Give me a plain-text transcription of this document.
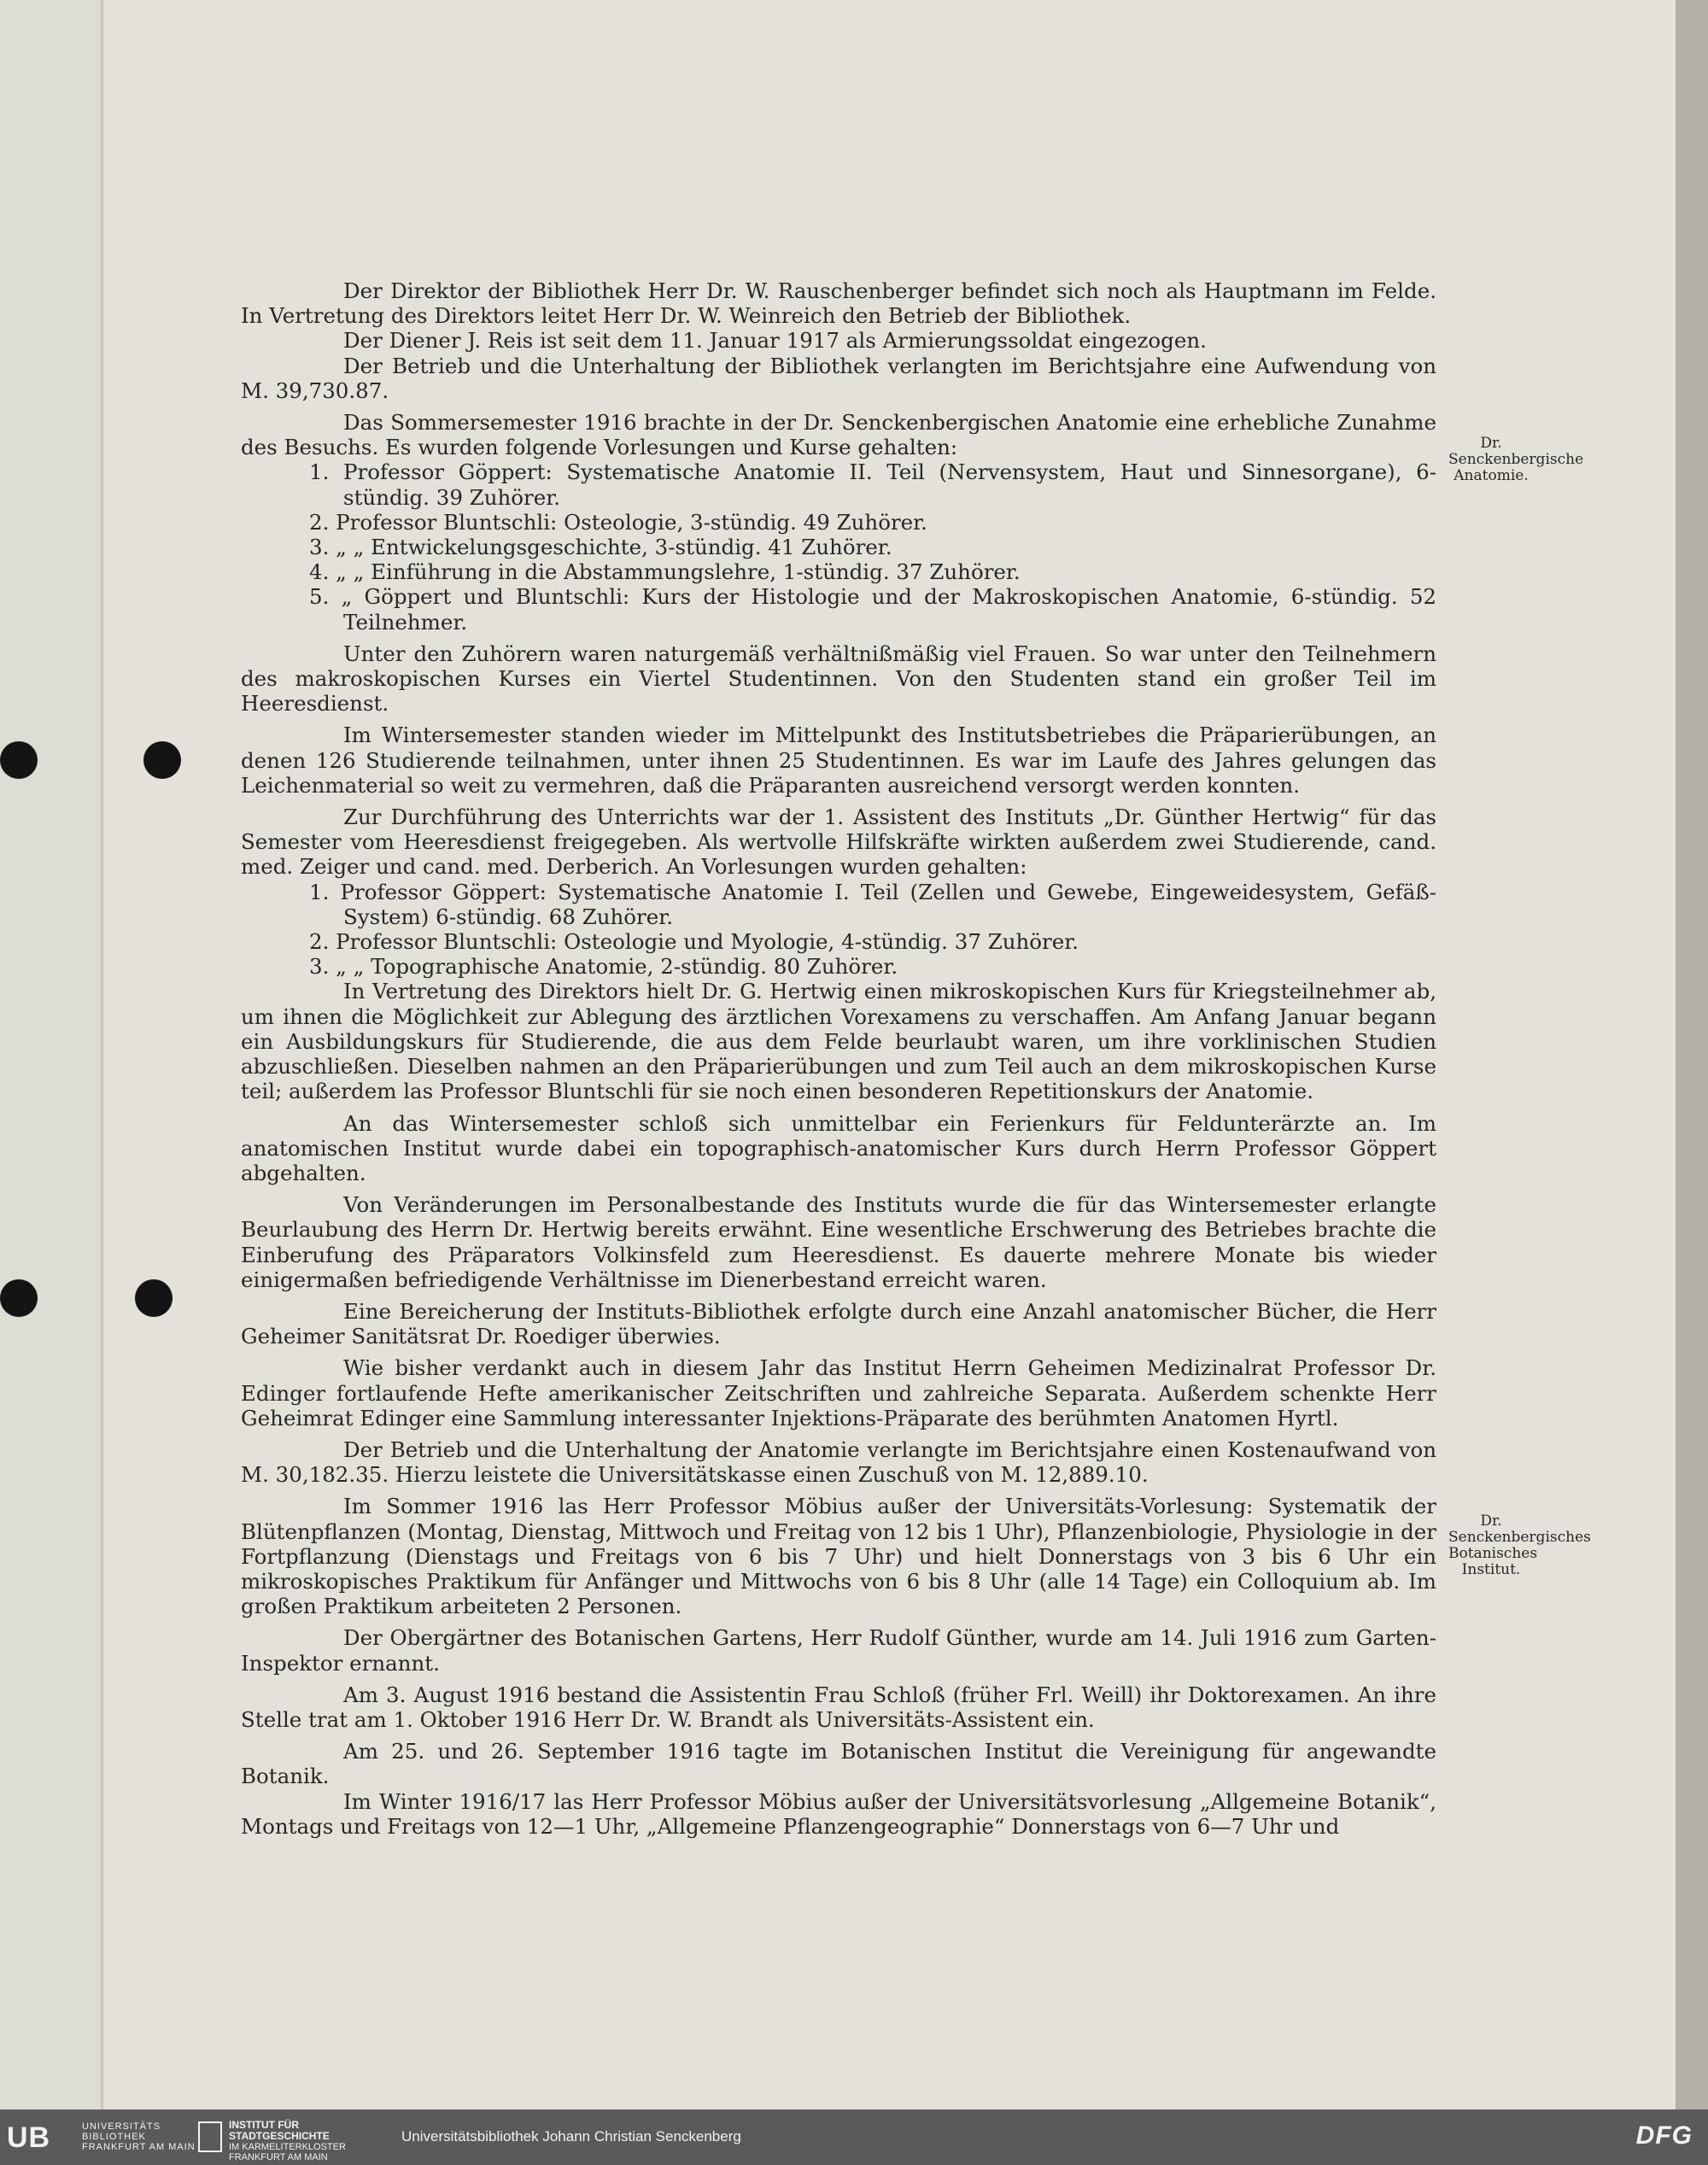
Der Direktor der Bibliothek Herr Dr. W. Rauschenberger befindet sich noch als Hauptmann im Felde. In Vertretung des Direktors leitet Herr Dr. W. Weinreich den Betrieb der Bibliothek.

Der Diener J. Reis ist seit dem 11. Januar 1917 als Armierungssoldat eingezogen.

Der Betrieb und die Unterhaltung der Bibliothek verlangten im Berichtsjahre eine Aufwendung von M. 39,730.87.

Das Sommersemester 1916 brachte in der Dr. Senckenbergischen Anatomie eine erhebliche Zunahme des Besuchs. Es wurden folgende Vorlesungen und Kurse gehalten:

1. Professor Göppert: Systematische Anatomie II. Teil (Nervensystem, Haut und Sinnesorgane), 6-stündig. 39 Zuhörer.

2. Professor Bluntschli: Osteologie, 3-stündig. 49 Zuhörer.

3. „ „ Entwickelungsgeschichte, 3-stündig. 41 Zuhörer.

4. „ „ Einführung in die Abstammungslehre, 1-stündig. 37 Zuhörer.

5. „ Göppert und Bluntschli: Kurs der Histologie und der Makroskopischen Anatomie, 6-stündig. 52 Teilnehmer.

Unter den Zuhörern waren naturgemäß verhältnißmäßig viel Frauen. So war unter den Teilnehmern des makroskopischen Kurses ein Viertel Studentinnen. Von den Studenten stand ein großer Teil im Heeresdienst.

Im Wintersemester standen wieder im Mittelpunkt des Institutsbetriebes die Präparierübungen, an denen 126 Studierende teilnahmen, unter ihnen 25 Studentinnen. Es war im Laufe des Jahres gelungen das Leichenmaterial so weit zu vermehren, daß die Präparanten ausreichend versorgt werden konnten.

Zur Durchführung des Unterrichts war der 1. Assistent des Instituts „Dr. Günther Hertwig“ für das Semester vom Heeresdienst freigegeben. Als wertvolle Hilfskräfte wirkten außerdem zwei Studierende, cand. med. Zeiger und cand. med. Derberich. An Vorlesungen wurden gehalten:

1. Professor Göppert: Systematische Anatomie I. Teil (Zellen und Gewebe, Eingeweidesystem, Gefäß-System) 6-stündig. 68 Zuhörer.

2. Professor Bluntschli: Osteologie und Myologie, 4-stündig. 37 Zuhörer.

3. „ „ Topographische Anatomie, 2-stündig. 80 Zuhörer.

In Vertretung des Direktors hielt Dr. G. Hertwig einen mikroskopischen Kurs für Kriegsteilnehmer ab, um ihnen die Möglichkeit zur Ablegung des ärztlichen Vorexamens zu verschaffen. Am Anfang Januar begann ein Ausbildungskurs für Studierende, die aus dem Felde beurlaubt waren, um ihre vorklinischen Studien abzuschließen. Dieselben nahmen an den Präparierübungen und zum Teil auch an dem mikroskopischen Kurse teil; außerdem las Professor Bluntschli für sie noch einen besonderen Repetitionskurs der Anatomie.

An das Wintersemester schloß sich unmittelbar ein Ferienkurs für Feldunterärzte an. Im anatomischen Institut wurde dabei ein topographisch-anatomischer Kurs durch Herrn Professor Göppert abgehalten.

Von Veränderungen im Personalbestande des Instituts wurde die für das Wintersemester erlangte Beurlaubung des Herrn Dr. Hertwig bereits erwähnt. Eine wesentliche Erschwerung des Betriebes brachte die Einberufung des Präparators Volkinsfeld zum Heeresdienst. Es dauerte mehrere Monate bis wieder einigermaßen befriedigende Verhältnisse im Dienerbestand erreicht waren.

Eine Bereicherung der Instituts-Bibliothek erfolgte durch eine Anzahl anatomischer Bücher, die Herr Geheimer Sanitätsrat Dr. Roediger überwies.

Wie bisher verdankt auch in diesem Jahr das Institut Herrn Geheimen Medizinalrat Professor Dr. Edinger fortlaufende Hefte amerikanischer Zeitschriften und zahlreiche Separata. Außerdem schenkte Herr Geheimrat Edinger eine Sammlung interessanter Injektions-Präparate des berühmten Anatomen Hyrtl.

Der Betrieb und die Unterhaltung der Anatomie verlangte im Berichtsjahre einen Kostenaufwand von M. 30,182.35. Hierzu leistete die Universitätskasse einen Zuschuß von M. 12,889.10.

Im Sommer 1916 las Herr Professor Möbius außer der Universitäts-Vorlesung: Systematik der Blütenpflanzen (Montag, Dienstag, Mittwoch und Freitag von 12 bis 1 Uhr), Pflanzenbiologie, Physiologie in der Fortpflanzung (Dienstags und Freitags von 6 bis 7 Uhr) und hielt Donnerstags von 3 bis 6 Uhr ein mikroskopisches Praktikum für Anfänger und Mittwochs von 6 bis 8 Uhr (alle 14 Tage) ein Colloquium ab. Im großen Praktikum arbeiteten 2 Personen.

Der Obergärtner des Botanischen Gartens, Herr Rudolf Günther, wurde am 14. Juli 1916 zum Garten-Inspektor ernannt.

Am 3. August 1916 bestand die Assistentin Frau Schloß (früher Frl. Weill) ihr Doktorexamen. An ihre Stelle trat am 1. Oktober 1916 Herr Dr. W. Brandt als Universitäts-Assistent ein.

Am 25. und 26. September 1916 tagte im Botanischen Institut die Vereinigung für angewandte Botanik.

Im Winter 1916/17 las Herr Professor Möbius außer der Universitätsvorlesung „Allgemeine Botanik“, Montags und Freitags von 12—1 Uhr, „Allgemeine Pflanzengeographie“ Donnerstags von 6—7 Uhr und

Dr. Senckenbergische Anatomie.
Dr. Senckenbergisches Botanisches Institut.
UB	UNIVERSITÄTS
BIBLIOTHEK
FRANKFURT AM MAIN
INSTITUT FÜR
STADTGESCHICHTE
IM KARMELITERKLOSTER
FRANKFURT AM MAIN
Universitätsbibliothek Johann Christian Senckenberg	DFG
